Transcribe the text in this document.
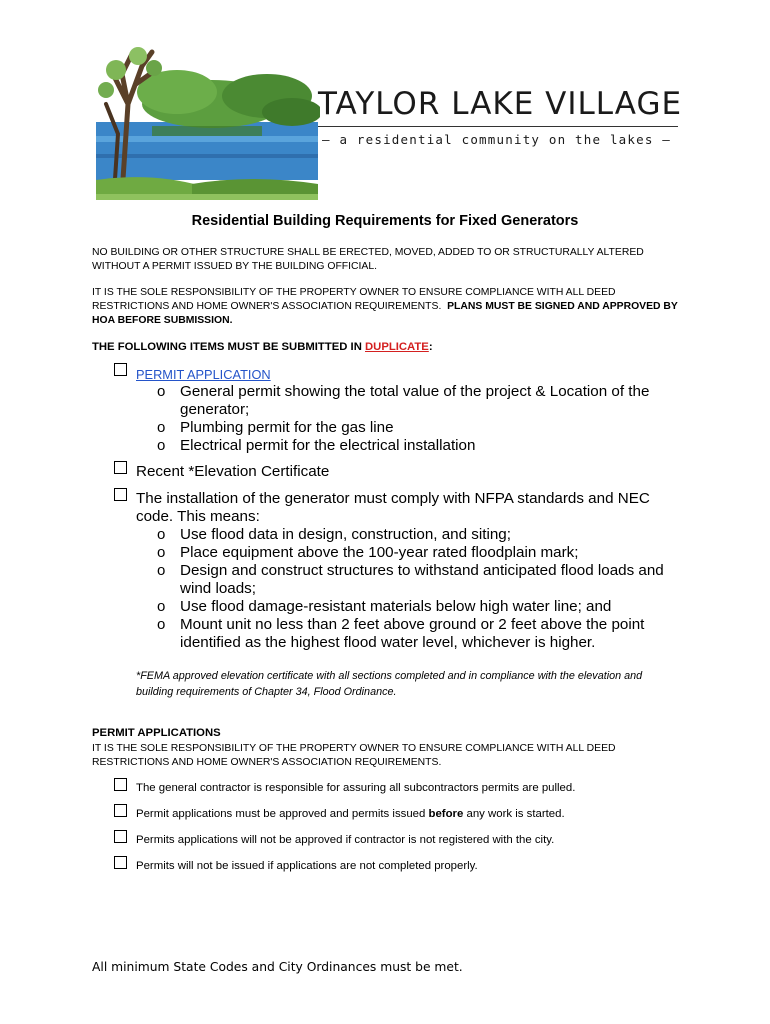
TAYLOR LAKE VILLAGE
— a residential community on the lakes —
Residential Building Requirements for Fixed Generators
NO BUILDING OR OTHER STRUCTURE SHALL BE ERECTED, MOVED, ADDED TO OR STRUCTURALLY ALTERED WITHOUT A PERMIT ISSUED BY THE BUILDING OFFICIAL.
IT IS THE SOLE RESPONSIBILITY OF THE PROPERTY OWNER TO ENSURE COMPLIANCE WITH ALL DEED RESTRICTIONS AND HOME OWNER'S ASSOCIATION REQUIREMENTS. PLANS MUST BE SIGNED AND APPROVED BY HOA BEFORE SUBMISSION.
THE FOLLOWING ITEMS MUST BE SUBMITTED IN DUPLICATE:
PERMIT APPLICATION
o General permit showing the total value of the project & Location of the
generator;
o Plumbing permit for the gas line
o Electrical permit for the electrical installation
Recent *Elevation Certificate
The installation of the generator must comply with NFPA standards and NEC
code. This means:
o Use flood data in design, construction, and siting;
o Place equipment above the 100-year rated floodplain mark;
o Design and construct structures to withstand anticipated flood loads and
wind loads;
o Use flood damage-resistant materials below high water line; and
o Mount unit no less than 2 feet above ground or 2 feet above the point
identified as the highest flood water level, whichever is higher.
*FEMA approved elevation certificate with all sections completed and in compliance with the elevation and building requirements of Chapter 34, Flood Ordinance.
PERMIT APPLICATIONS
IT IS THE SOLE RESPONSIBILITY OF THE PROPERTY OWNER TO ENSURE COMPLIANCE WITH ALL DEED RESTRICTIONS AND HOME OWNER'S ASSOCIATION REQUIREMENTS.
The general contractor is responsible for assuring all subcontractors permits are pulled.
Permit applications must be approved and permits issued before any work is started.
Permits applications will not be approved if contractor is not registered with the city.
Permits will not be issued if applications are not completed properly.
All minimum State Codes and City Ordinances must be met.
